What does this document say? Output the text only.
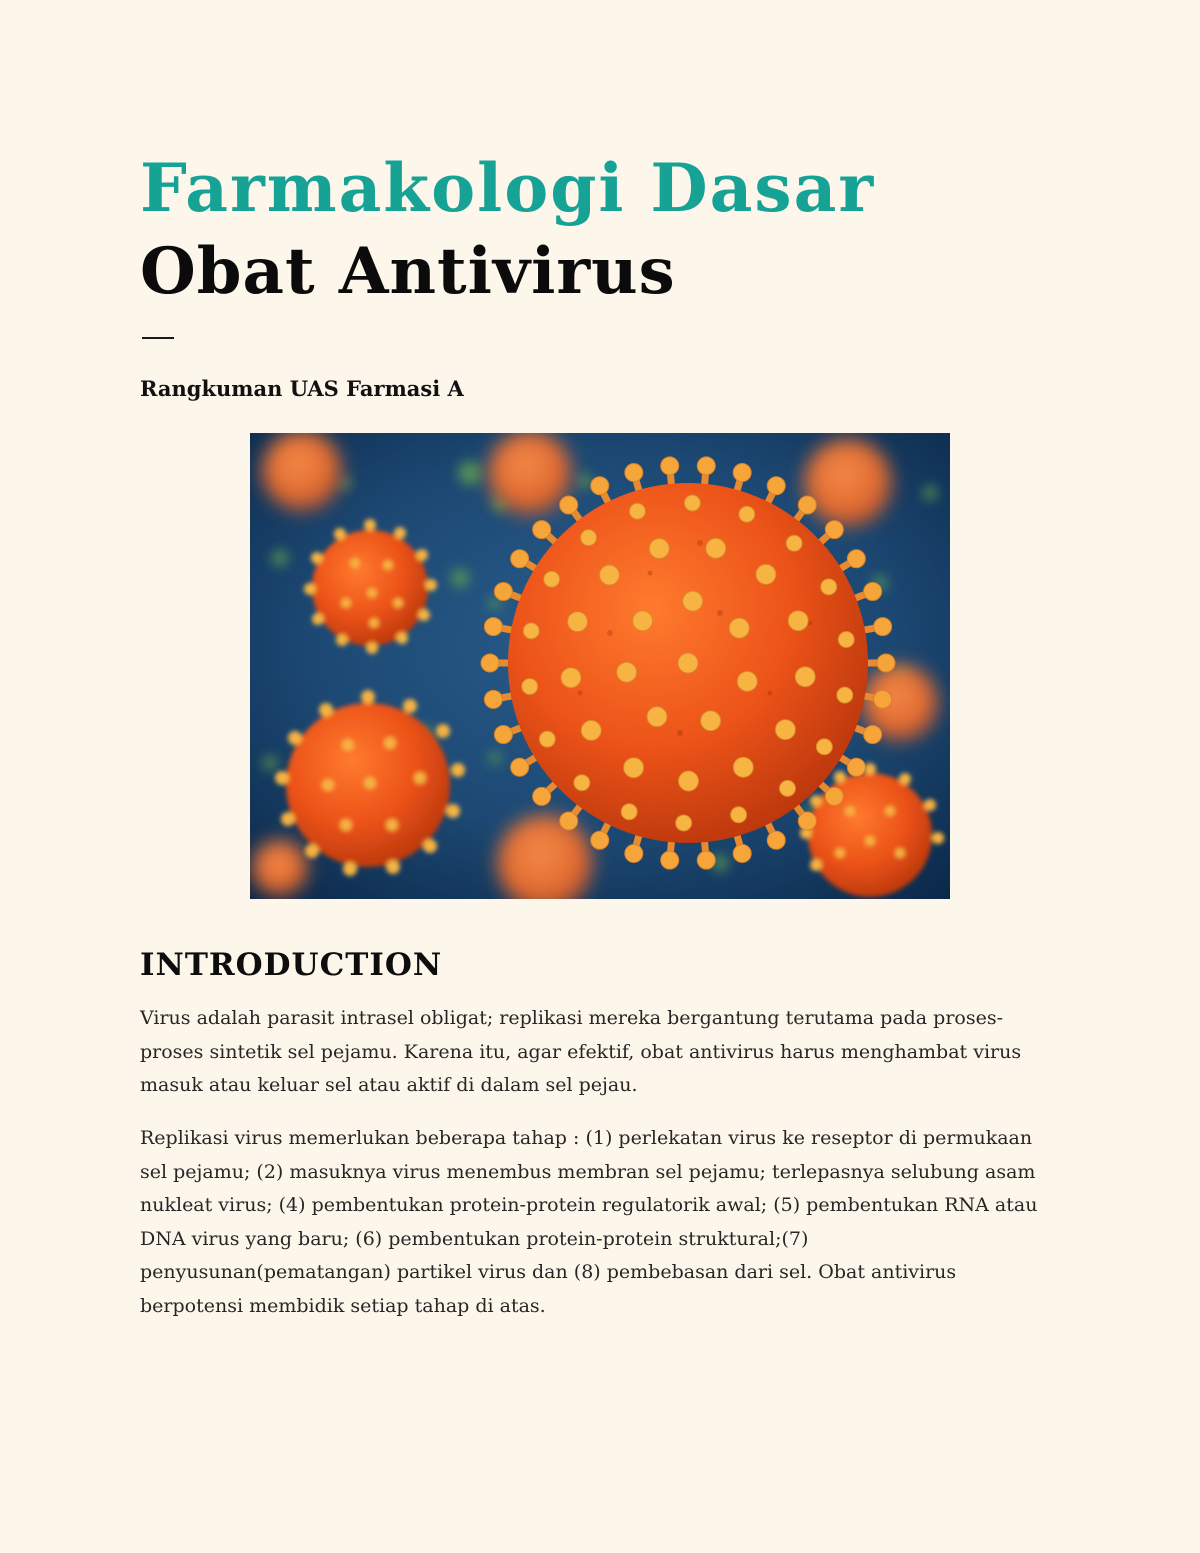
Farmakologi Dasar
Obat Antivirus

Rangkuman UAS Farmasi A

INTRODUCTION

Virus adalah parasit intrasel obligat; replikasi mereka bergantung terutama pada proses-proses sintetik sel pejamu. Karena itu, agar efektif, obat antivirus harus menghambat virus masuk atau keluar sel atau aktif di dalam sel pejau.

Replikasi virus memerlukan beberapa tahap : (1) perlekatan virus ke reseptor di permukaan sel pejamu; (2) masuknya virus menembus membran sel pejamu; terlepasnya selubung asam nukleat virus; (4) pembentukan protein-protein regulatorik awal; (5) pembentukan RNA atau DNA virus yang baru; (6) pembentukan protein-protein struktural;(7) penyusunan(pematangan) partikel virus dan (8) pembebasan dari sel. Obat antivirus berpotensi membidik setiap tahap di atas.
